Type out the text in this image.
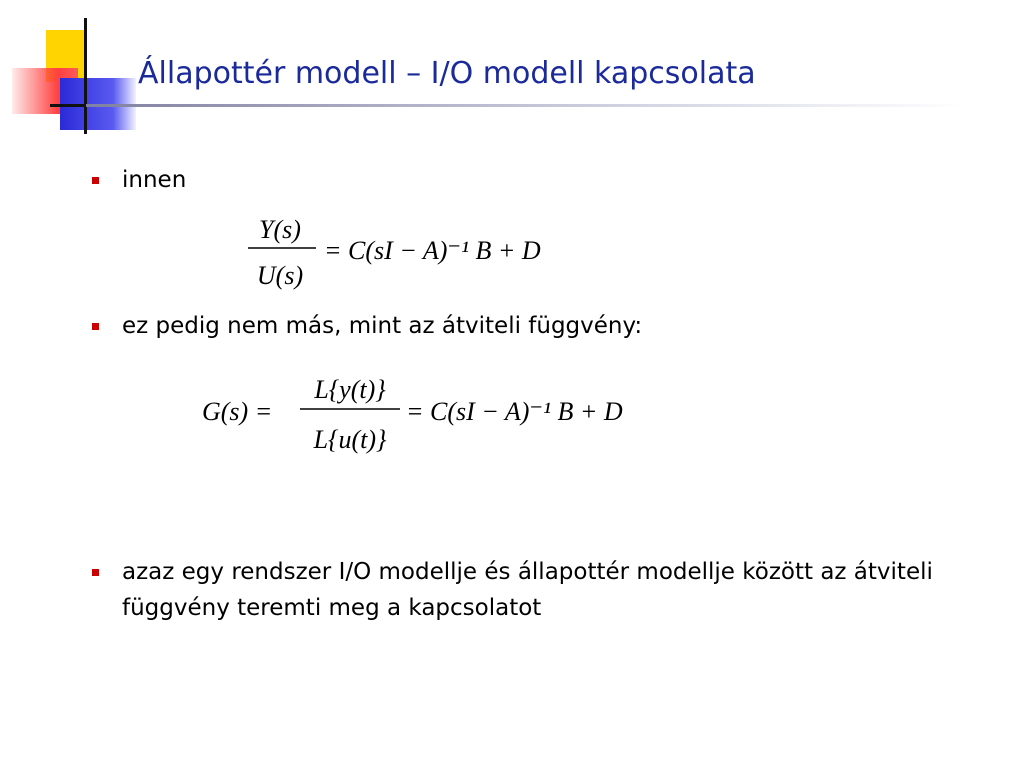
Állapottér modell – I/O modell kapcsolata
innen
Y(s)
U(s)
= C(sI − A)⁻¹ B + D
ez pedig nem más, mint az átviteli függvény:
G(s) =
L{y(t)}
L{u(t)}
= C(sI − A)⁻¹ B + D
azaz egy rendszer I/O modellje és állapottér modellje között az átviteli függvény teremti meg a kapcsolatot
